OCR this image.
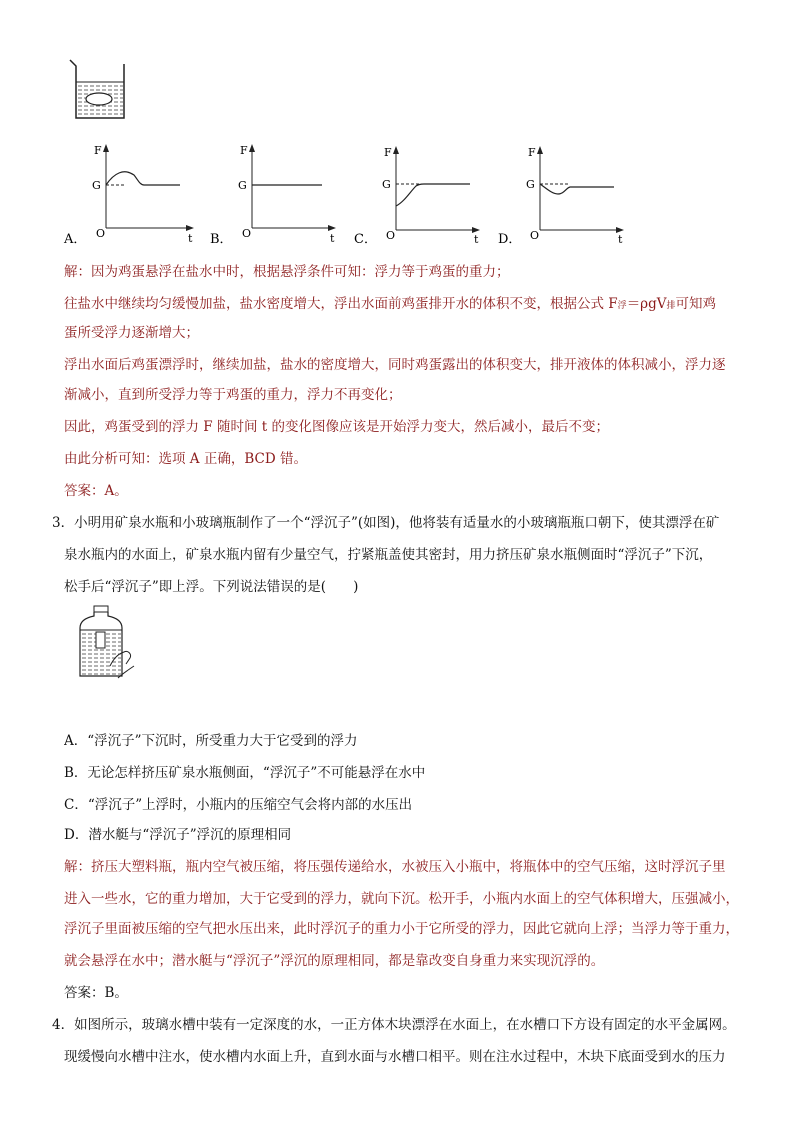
A．
F
G
O	t B．
F
G
O	t C．
F
G
O	t D．
F
G
O	t
解：因为鸡蛋悬浮在盐水中时，根据悬浮条件可知：浮力等于鸡蛋的重力；
往盐水中继续均匀缓慢加盐，盐水密度增大，浮出水面前鸡蛋排开水的体积不变，根据公式 F浮＝ρgV排可知鸡
蛋所受浮力逐渐增大；
浮出水面后鸡蛋漂浮时，继续加盐，盐水的密度增大，同时鸡蛋露出的体积变大，排开液体的体积减小，浮力逐
渐减小，直到所受浮力等于鸡蛋的重力，浮力不再变化；
因此，鸡蛋受到的浮力 F 随时间 t 的变化图像应该是开始浮力变大，然后减小，最后不变；
由此分析可知：选项 A 正确，BCD 错。
答案：A。
3．小明用矿泉水瓶和小玻璃瓶制作了一个“浮沉子”(如图)，他将装有适量水的小玻璃瓶瓶口朝下，使其漂浮在矿
泉水瓶内的水面上，矿泉水瓶内留有少量空气，拧紧瓶盖使其密封，用力挤压矿泉水瓶侧面时“浮沉子”下沉，
松手后“浮沉子”即上浮。下列说法错误的是(　　)
A．“浮沉子”下沉时，所受重力大于它受到的浮力
B．无论怎样挤压矿泉水瓶侧面，“浮沉子”不可能悬浮在水中
C．“浮沉子”上浮时，小瓶内的压缩空气会将内部的水压出
D．潜水艇与“浮沉子”浮沉的原理相同
解：挤压大塑料瓶，瓶内空气被压缩，将压强传递给水，水被压入小瓶中，将瓶体中的空气压缩，这时浮沉子里
进入一些水，它的重力增加，大于它受到的浮力，就向下沉。松开手，小瓶内水面上的空气体积增大，压强减小，
浮沉子里面被压缩的空气把水压出来，此时浮沉子的重力小于它所受的浮力，因此它就向上浮；当浮力等于重力，
就会悬浮在水中；潜水艇与“浮沉子”浮沉的原理相同，都是靠改变自身重力来实现沉浮的。
答案：B。
4．如图所示，玻璃水槽中装有一定深度的水，一正方体木块漂浮在水面上，在水槽口下方设有固定的水平金属网。
现缓慢向水槽中注水，使水槽内水面上升，直到水面与水槽口相平。则在注水过程中，木块下底面受到水的压力
